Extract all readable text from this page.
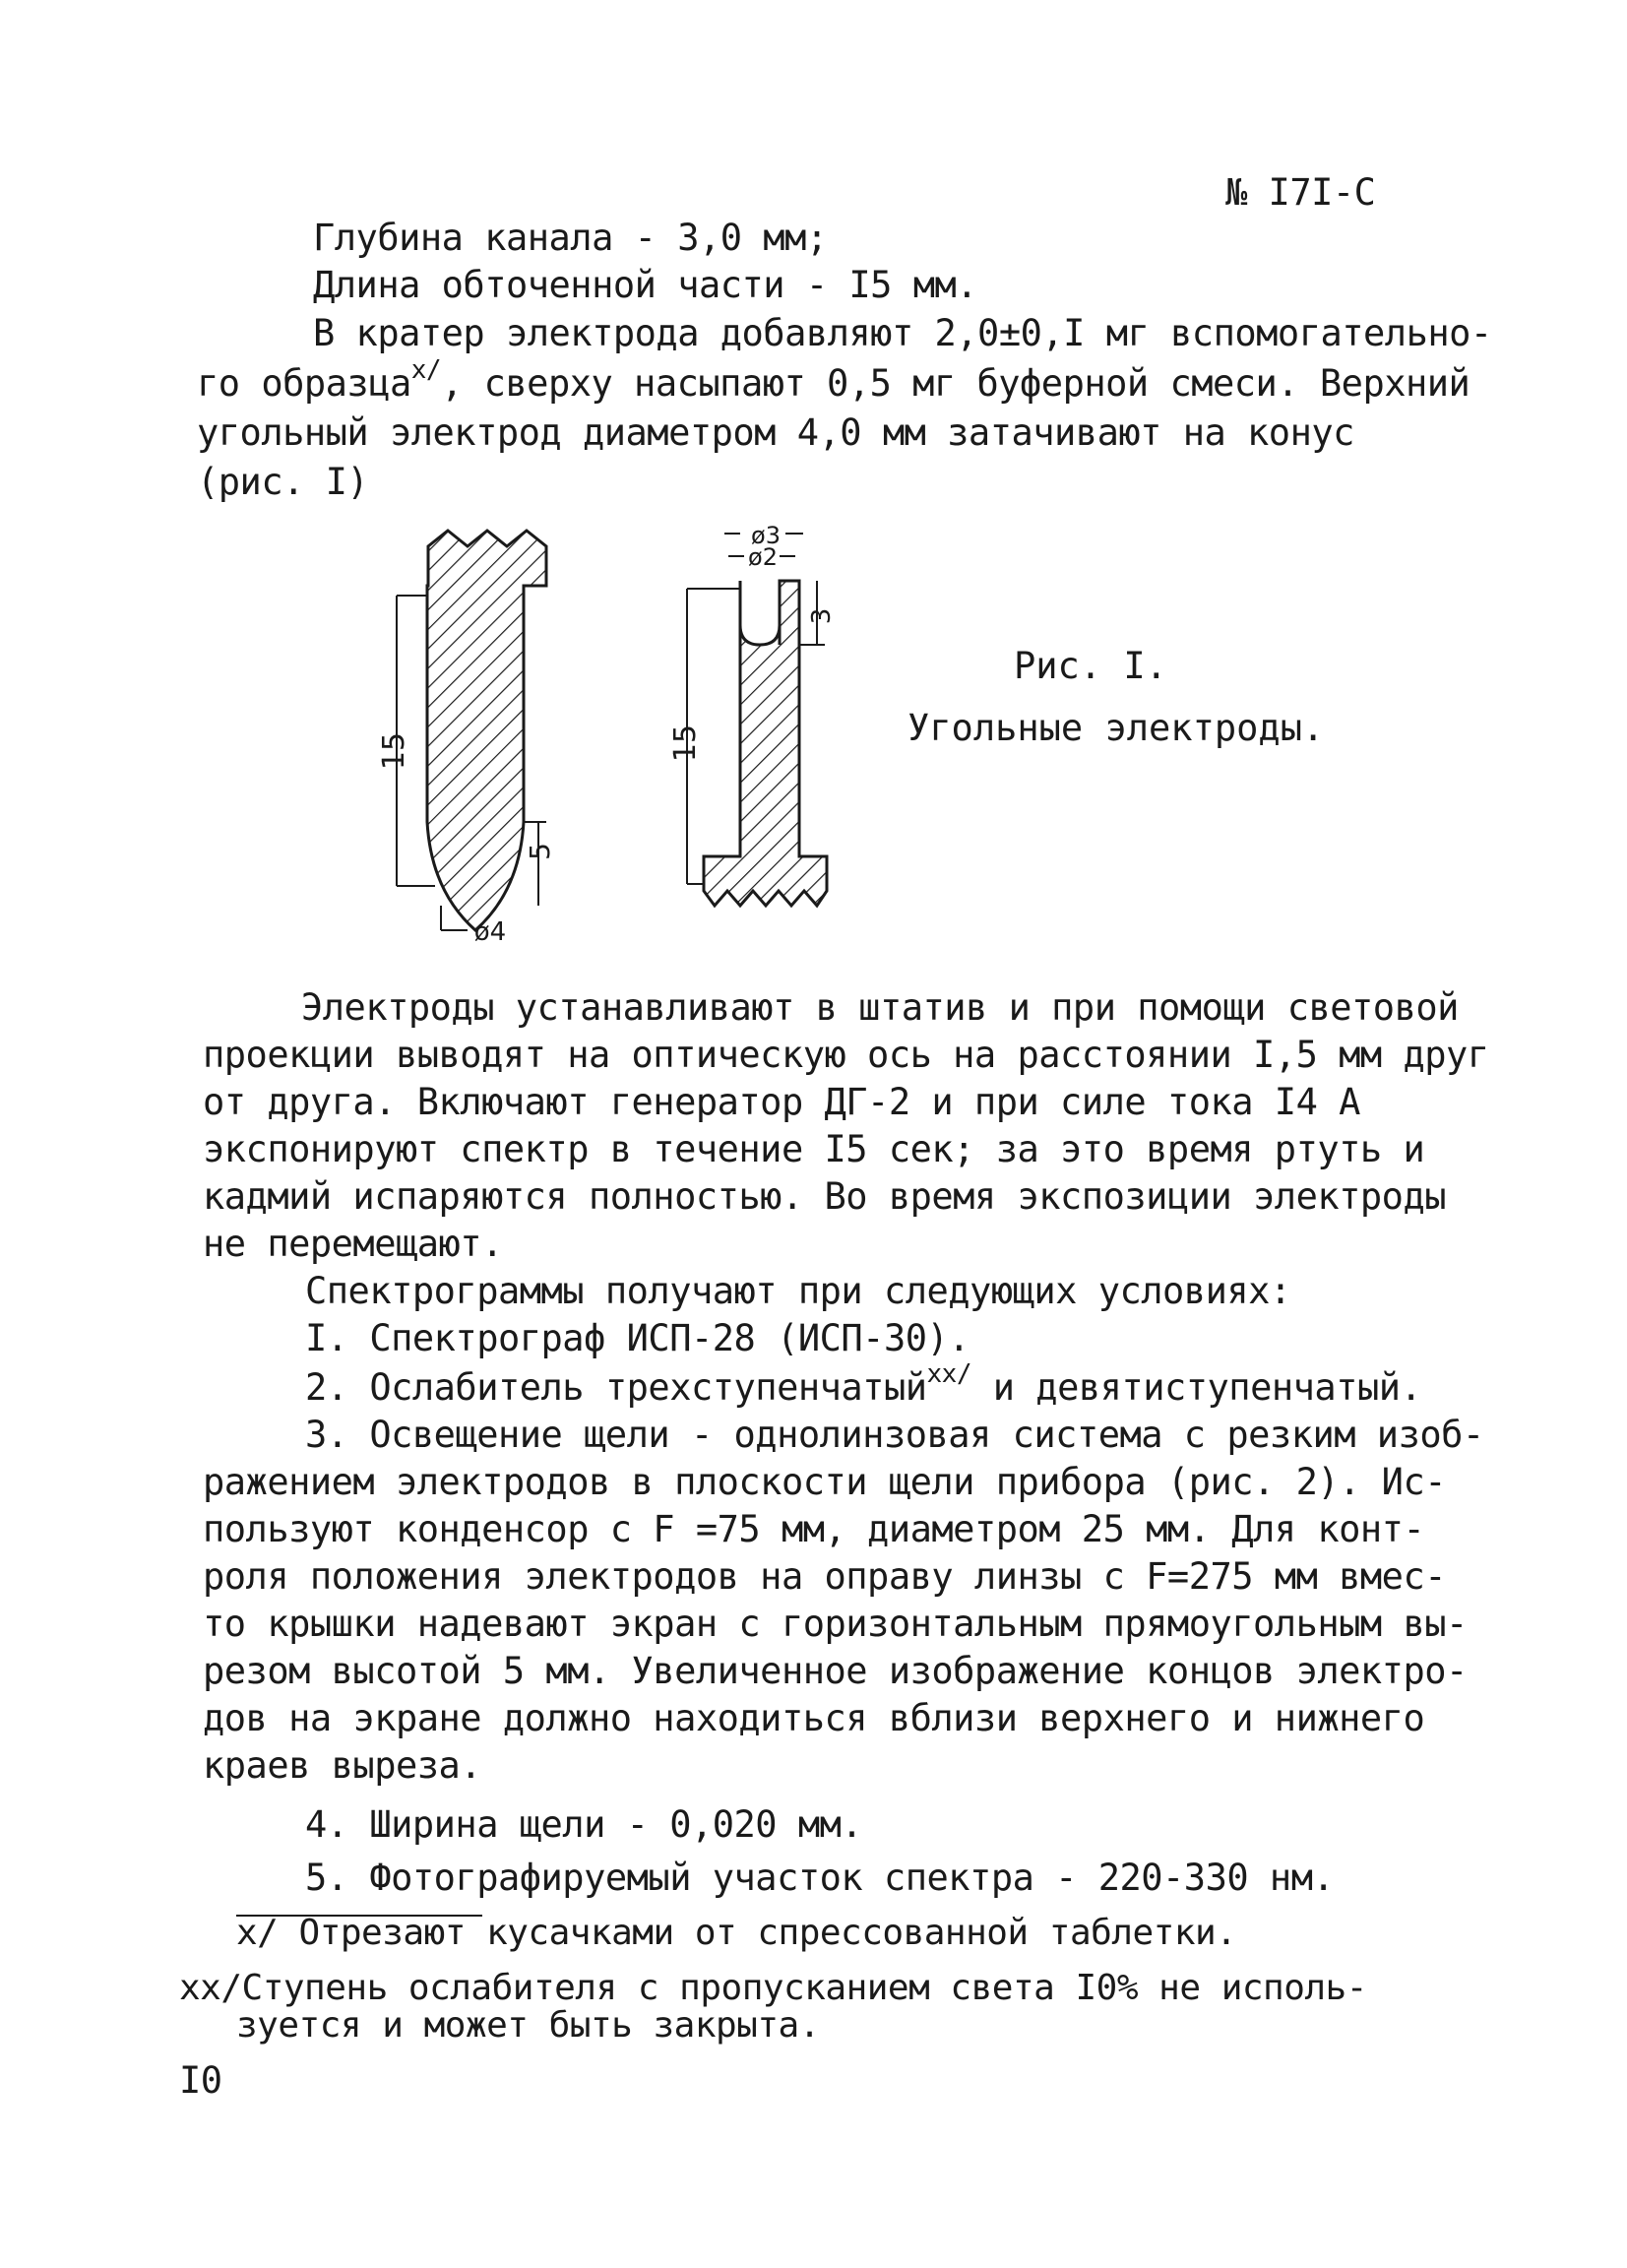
№ I7I-C
Глубина канала - 3,0 мм;
Длина обточенной части - I5 мм.
В кратер электрода добавляют 2,0±0,I мг вспомогательно-
го образца$^{x/}$, сверху насыпают 0,5 мг буферной смеси. Верхний
угольный электрод диаметром 4,0 мм затачивают на конус
(рис. I)
15
5
ø4
ø3
ø2
3
15
Рис. I.
Угольные электроды.
Электроды устанавливают в штатив и при помощи световой
проекции выводят на оптическую ось на расстоянии I,5 мм друг
от друга. Включают генератор ДГ-2 и при силе тока I4 А
экспонируют спектр в течение I5 сек; за это время ртуть и
кадмий испаряются полностью. Во время экспозиции электроды
не перемещают.
Спектрограммы получают при следующих условиях:
I. Спектрограф ИСП-28 (ИСП-30).
2. Ослабитель трехступенчатый$^{xx/}$ и девятиступенчатый.
3. Освещение щели - однолинзовая система с резким изоб-
ражением электродов в плоскости щели прибора (рис. 2). Ис-
пользуют конденсор с F =75 мм, диаметром 25 мм. Для конт-
роля положения электродов на оправу линзы с F=275 мм вмес-
то крышки надевают экран с горизонтальным прямоугольным вы-
резом высотой 5 мм. Увеличенное изображение концов электро-
дов на экране должно находиться вблизи верхнего и нижнего
краев выреза.
4. Ширина щели - 0,020 мм.
5. Фотографируемый участок спектра - 220-330 нм.
x/ Отрезают кусачками от спрессованной таблетки.
xx/Ступень ослабителя с пропусканием света I0% не исполь-
зуется и может быть закрыта.
I0
